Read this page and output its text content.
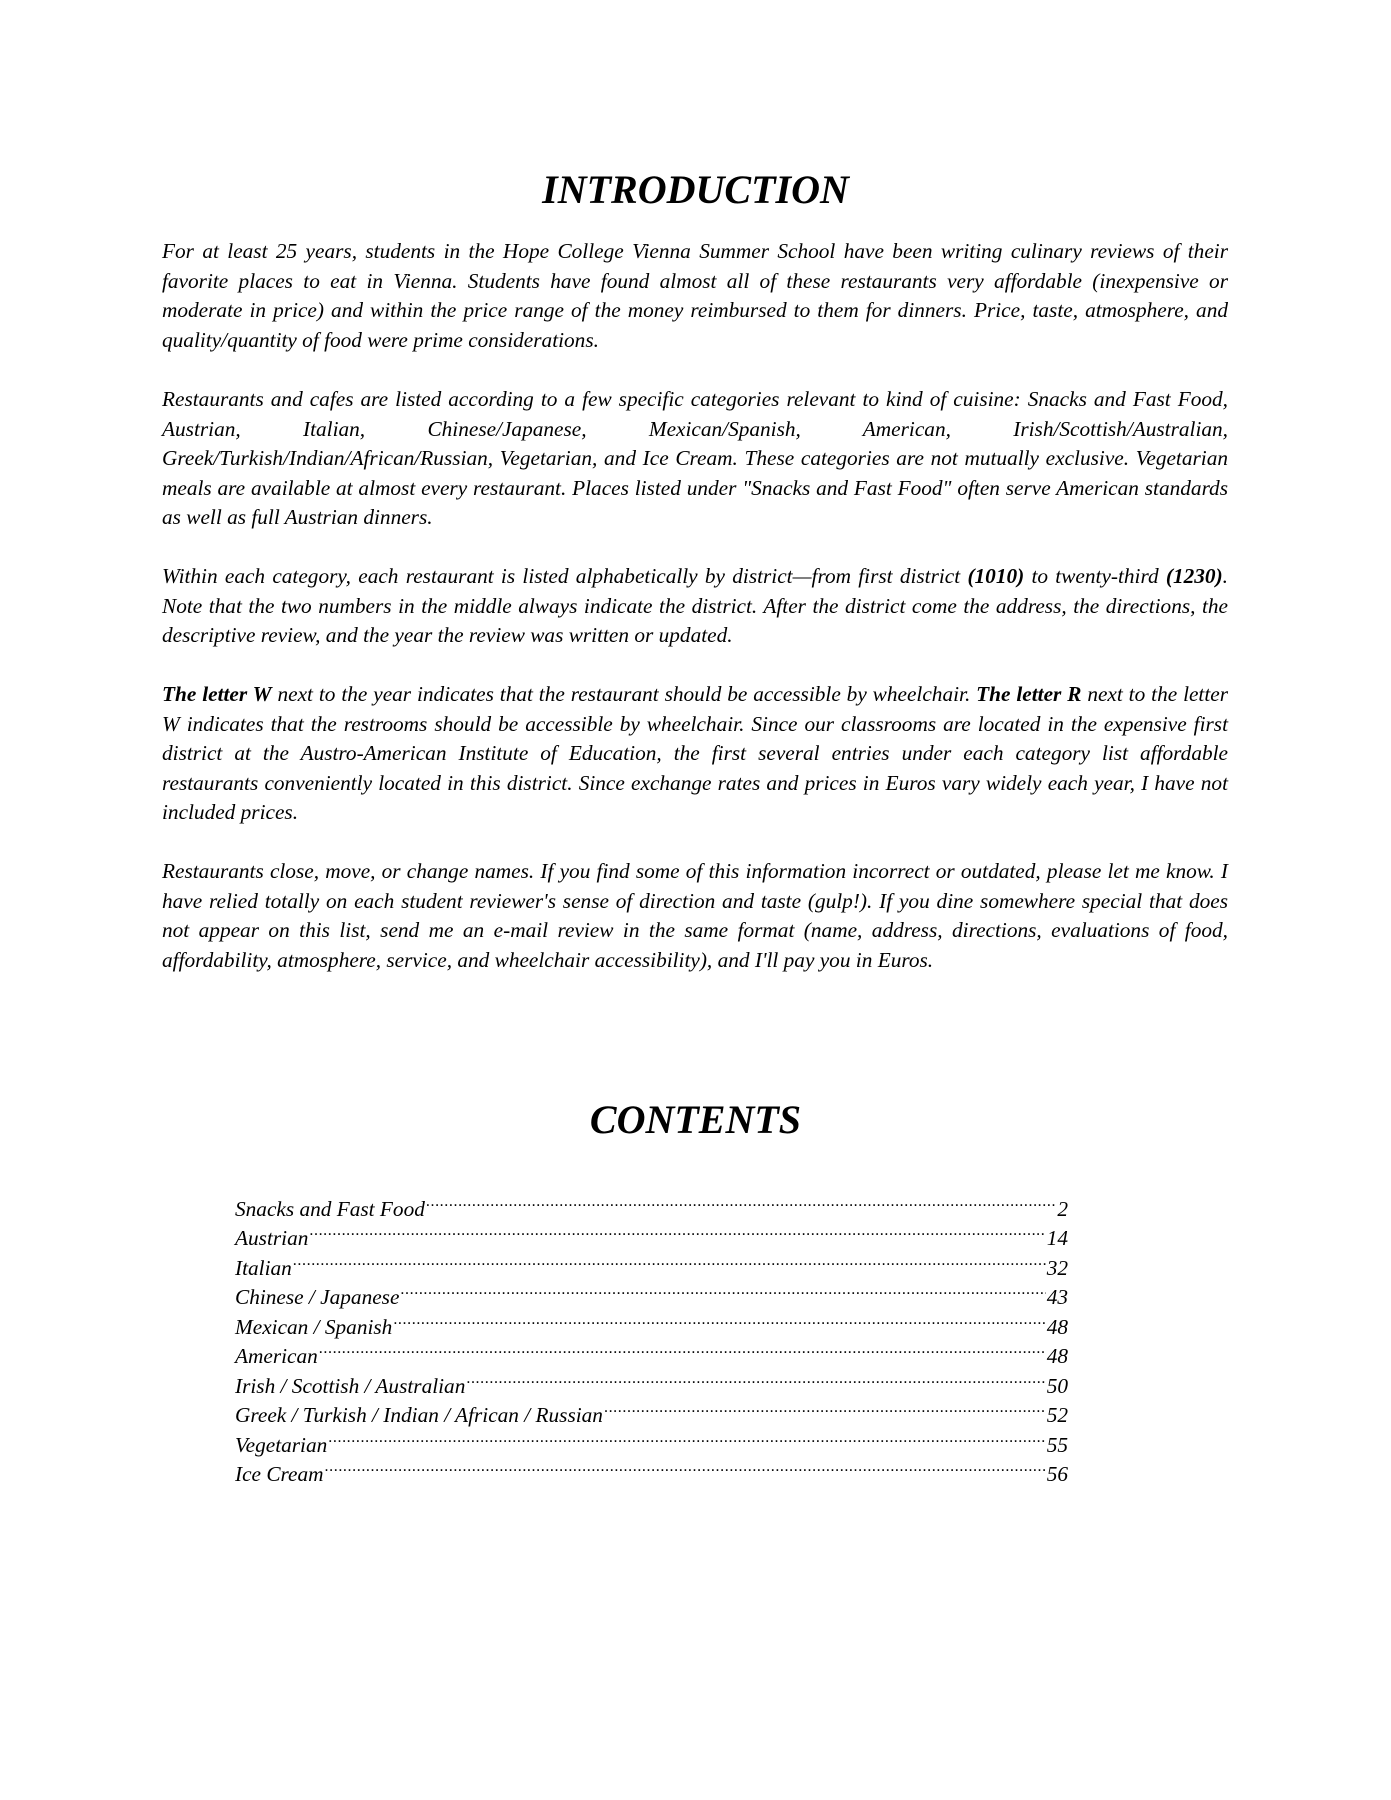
INTRODUCTION

For at least 25 years, students in the Hope College Vienna Summer School have been writing culinary reviews of their favorite places to eat in Vienna. Students have found almost all of these restaurants very affordable (inexpensive or moderate in price) and within the price range of the money reimbursed to them for dinners. Price, taste, atmosphere, and quality/quantity of food were prime considerations.

Restaurants and cafes are listed according to a few specific categories relevant to kind of cuisine: Snacks and Fast Food, Austrian, Italian, Chinese/Japanese, Mexican/Spanish, American, Irish/Scottish/Australian, Greek/Turkish/Indian/African/Russian, Vegetarian, and Ice Cream. These categories are not mutually exclusive. Vegetarian meals are available at almost every restaurant. Places listed under "Snacks and Fast Food" often serve American standards as well as full Austrian dinners.

Within each category, each restaurant is listed alphabetically by district—from first district (1010) to twenty-third (1230). Note that the two numbers in the middle always indicate the district. After the district come the address, the directions, the descriptive review, and the year the review was written or updated.

The letter W next to the year indicates that the restaurant should be accessible by wheelchair. The letter R next to the letter W indicates that the restrooms should be accessible by wheelchair. Since our classrooms are located in the expensive first district at the Austro-American Institute of Education, the first several entries under each category list affordable restaurants conveniently located in this district. Since exchange rates and prices in Euros vary widely each year, I have not included prices.

Restaurants close, move, or change names. If you find some of this information incorrect or outdated, please let me know. I have relied totally on each student reviewer's sense of direction and taste (gulp!). If you dine somewhere special that does not appear on this list, send me an e-mail review in the same format (name, address, directions, evaluations of food, affordability, atmosphere, service, and wheelchair accessibility), and I'll pay you in Euros.

CONTENTS
Snacks and Fast Food .....	2
Austrian .....	14
Italian .....	32
Chinese / Japanese .....	43
Mexican / Spanish .....	48
American .....	48
Irish / Scottish / Australian .....	50
Greek / Turkish / Indian / African / Russian .....	52
Vegetarian .....	55
Ice Cream .....	56
